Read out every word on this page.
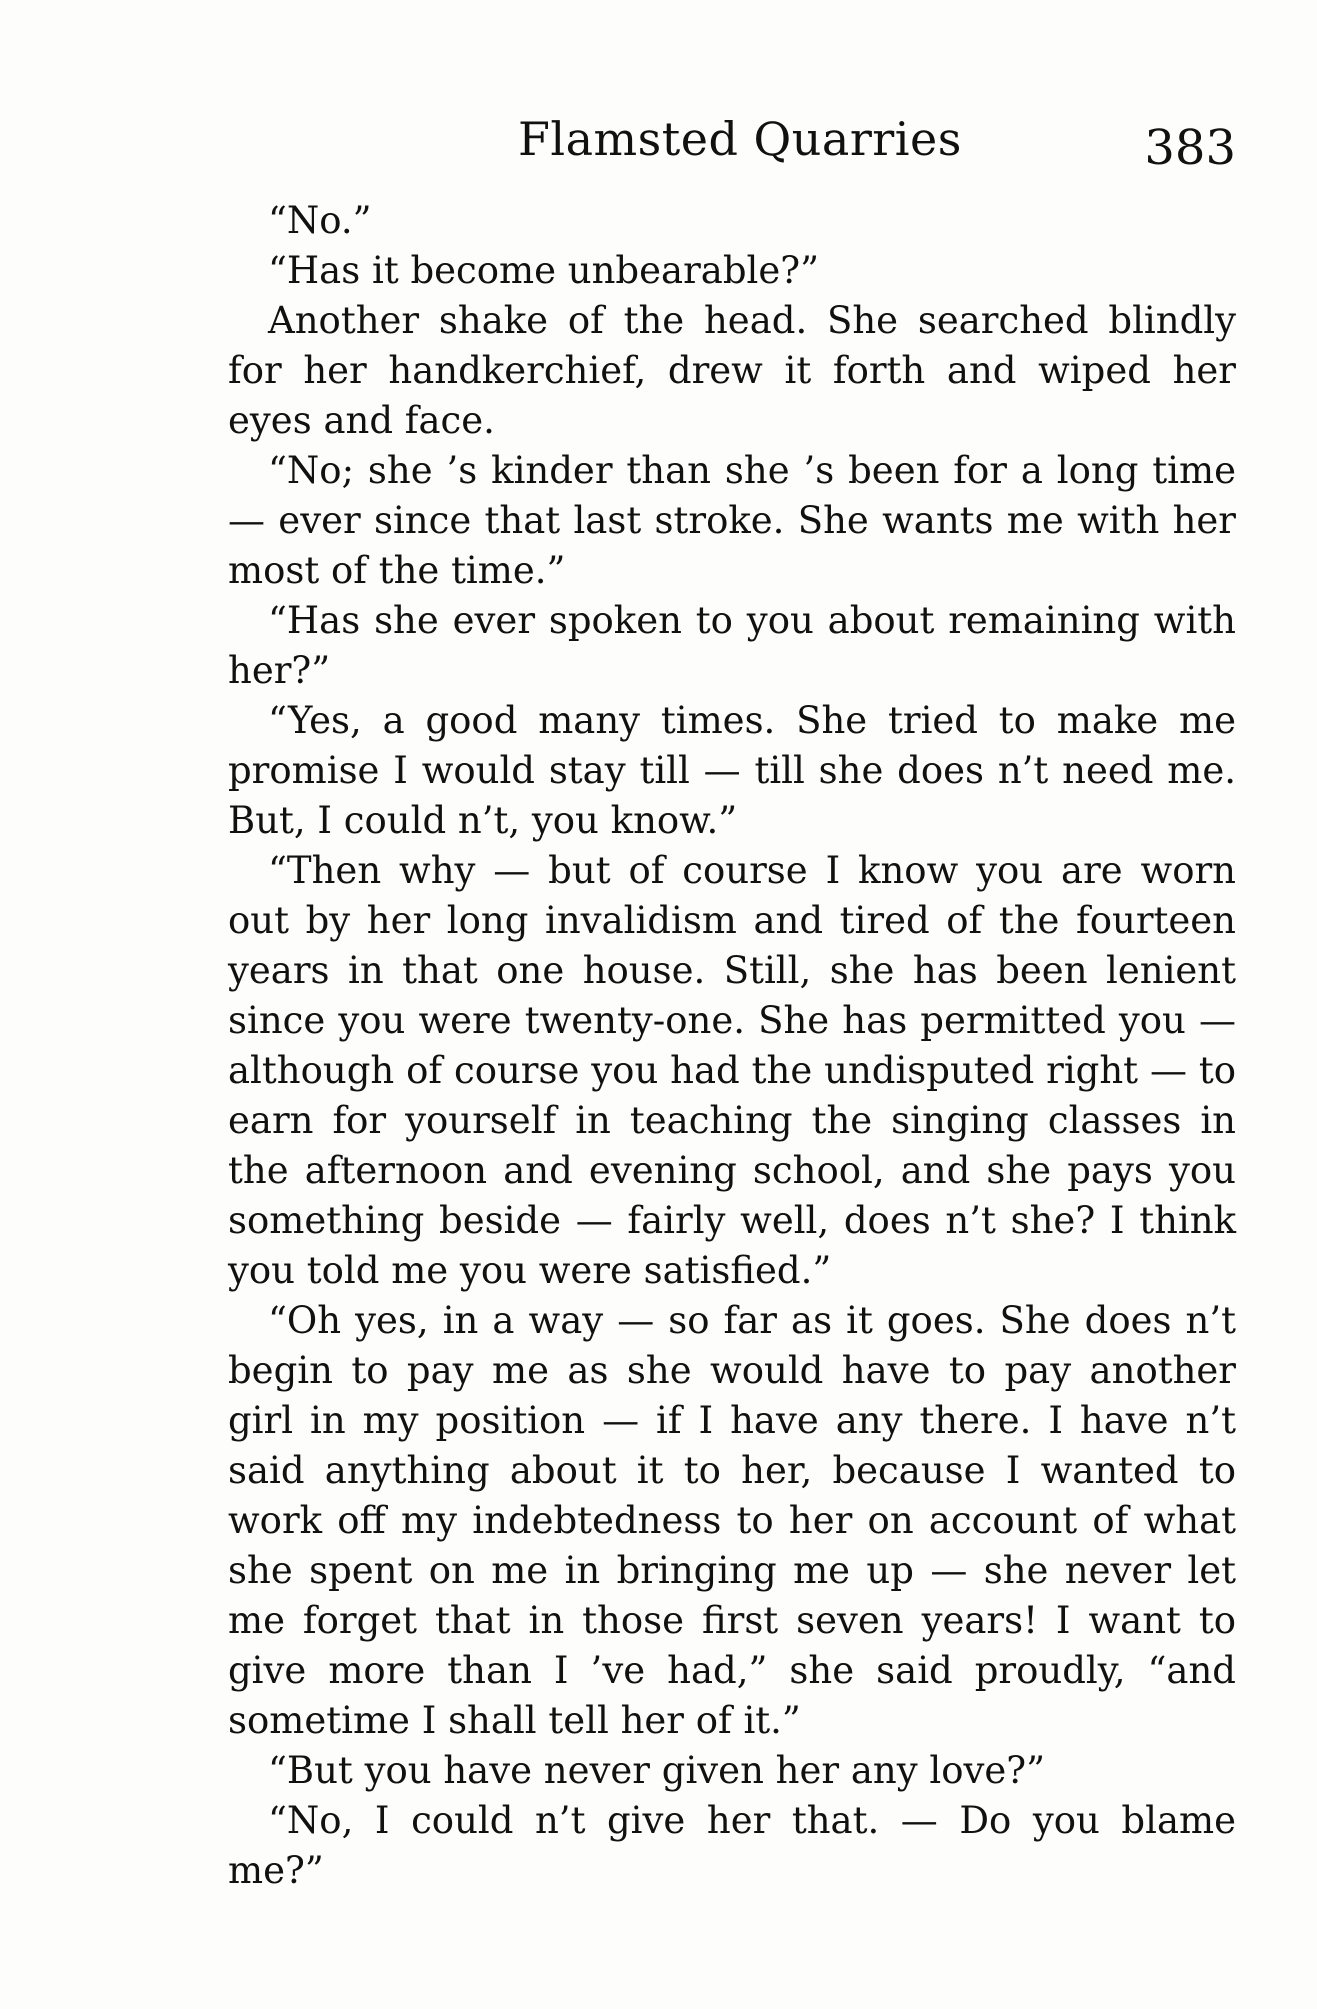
Flamsted Quarries	383

“No.”

“Has it become unbearable?”

Another shake of the head. She searched blindly for her handkerchief, drew it forth and wiped her eyes and face.

“No; she ’s kinder than she ’s been for a long time — ever since that last stroke. She wants me with her most of the time.”

“Has she ever spoken to you about remaining with her?”

“Yes, a good many times. She tried to make me promise I would stay till — till she does n’t need me. But, I could n’t, you know.”

“Then why — but of course I know you are worn out by her long invalidism and tired of the fourteen years in that one house. Still, she has been lenient since you were twenty-one. She has permitted you — although of course you had the undisputed right — to earn for yourself in teaching the singing classes in the afternoon and evening school, and she pays you something beside — fairly well, does n’t she? I think you told me you were satisfied.”

“Oh yes, in a way — so far as it goes. She does n’t begin to pay me as she would have to pay another girl in my position — if I have any there. I have n’t said anything about it to her, because I wanted to work off my indebtedness to her on account of what she spent on me in bringing me up — she never let me forget that in those first seven years! I want to give more than I ’ve had,” she said proudly, “and sometime I shall tell her of it.”

“But you have never given her any love?”

“No, I could n’t give her that. — Do you blame me?”
